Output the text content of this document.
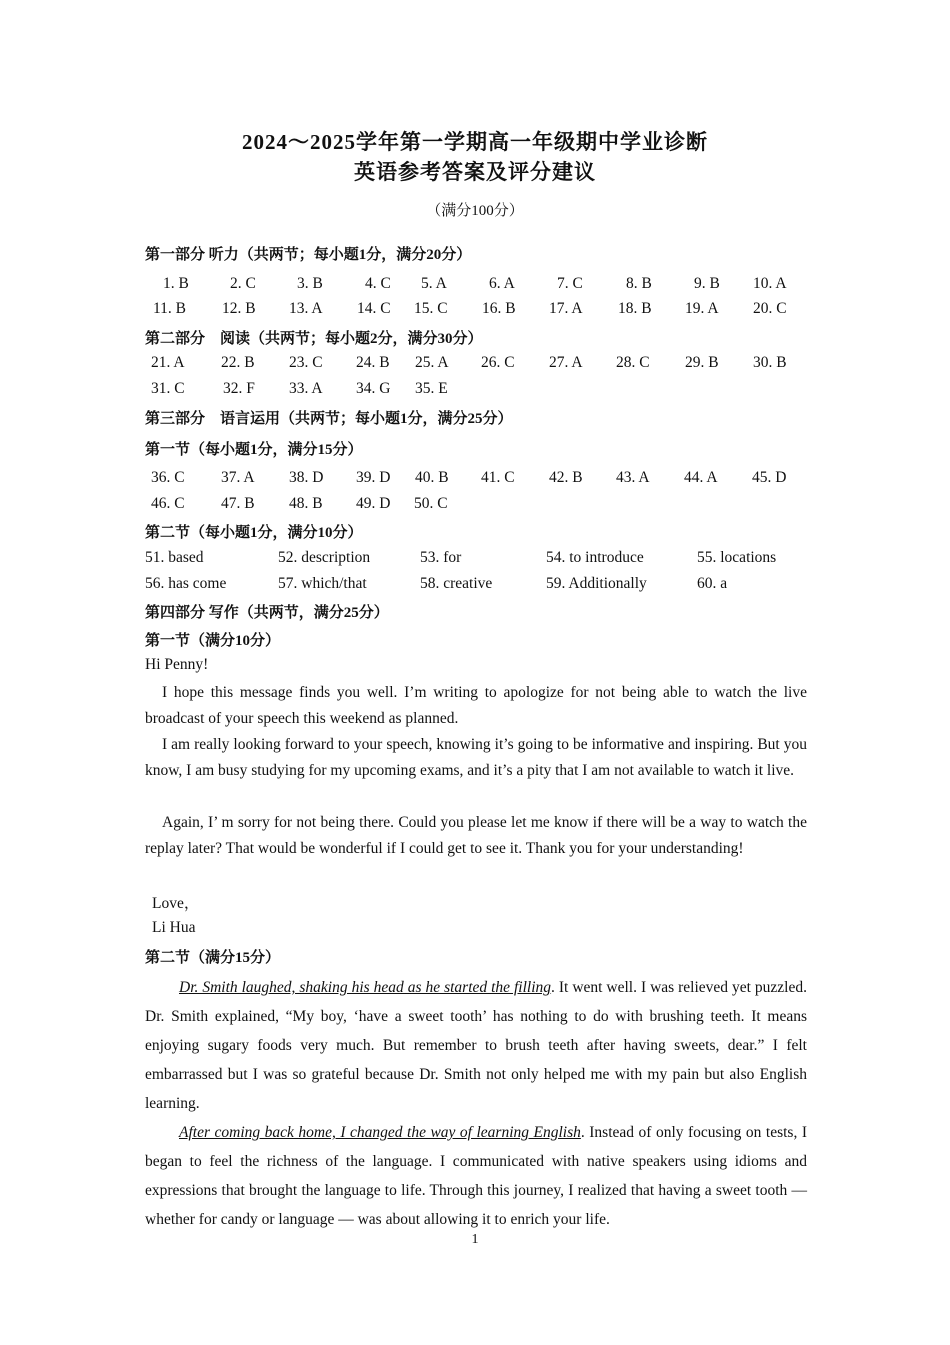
2024～2025学年第一学期高一年级期中学业诊断
英语参考答案及评分建议
（满分100分）
第一部分 听力（共两节；每小题1分，满分20分）
1. B	2. C	3. B	4. C 5. A	6. A	7. C	8. B	9. B 10. A
11. B 12. B 13. A 14. C 15. C 16. B 17. A 18. B 19. A 20. C
第二部分　阅读（共两节；每小题2分，满分30分）
21. A 22. B 23. C 24. B 25. A 26. C 27. A 28. C 29. B 30. B
31. C 32. F 33. A 34. G 35. E
第三部分　语言运用（共两节；每小题1分，满分25分）
第一节（每小题1分，满分15分）
36. C 37. A 38. D 39. D 40. B 41. C 42. B 43. A 44. A 45. D
46. C 47. B 48. B 49. D 50. C
第二节（每小题1分，满分10分）
51. based	52. description	53. for	54. to introduce	55. locations
56. has come	57. which/that	58. creative	59. Additionally	60. a
第四部分 写作（共两节，满分25分）
第一节（满分10分）
Hi Penny!
I hope this message finds you well. I’m writing to apologize for not being able to watch the live broadcast of your speech this weekend as planned.
I am really looking forward to your speech, knowing it’s going to be informative and inspiring. But you know, I am busy studying for my upcoming exams, and it’s a pity that I am not available to watch it live.
Again, I’ m sorry for not being there. Could you please let me know if there will be a way to watch the replay later? That would be wonderful if I could get to see it. Thank you for your understanding!
Love，
Li Hua
第二节（满分15分）
Dr. Smith laughed, shaking his head as he started the filling. It went well. I was relieved yet puzzled. Dr. Smith explained, “My boy, ‘have a sweet tooth’ has nothing to do with brushing teeth. It means enjoying sugary foods very much. But remember to brush teeth after having sweets, dear.” I felt embarrassed but I was so grateful because Dr. Smith not only helped me with my pain but also English learning.
After coming back home, I changed the way of learning English. Instead of only focusing on tests, I began to feel the richness of the language. I communicated with native speakers using idioms and expressions that brought the language to life. Through this journey, I realized that having a sweet tooth — whether for candy or language — was about allowing it to enrich your life.
1
